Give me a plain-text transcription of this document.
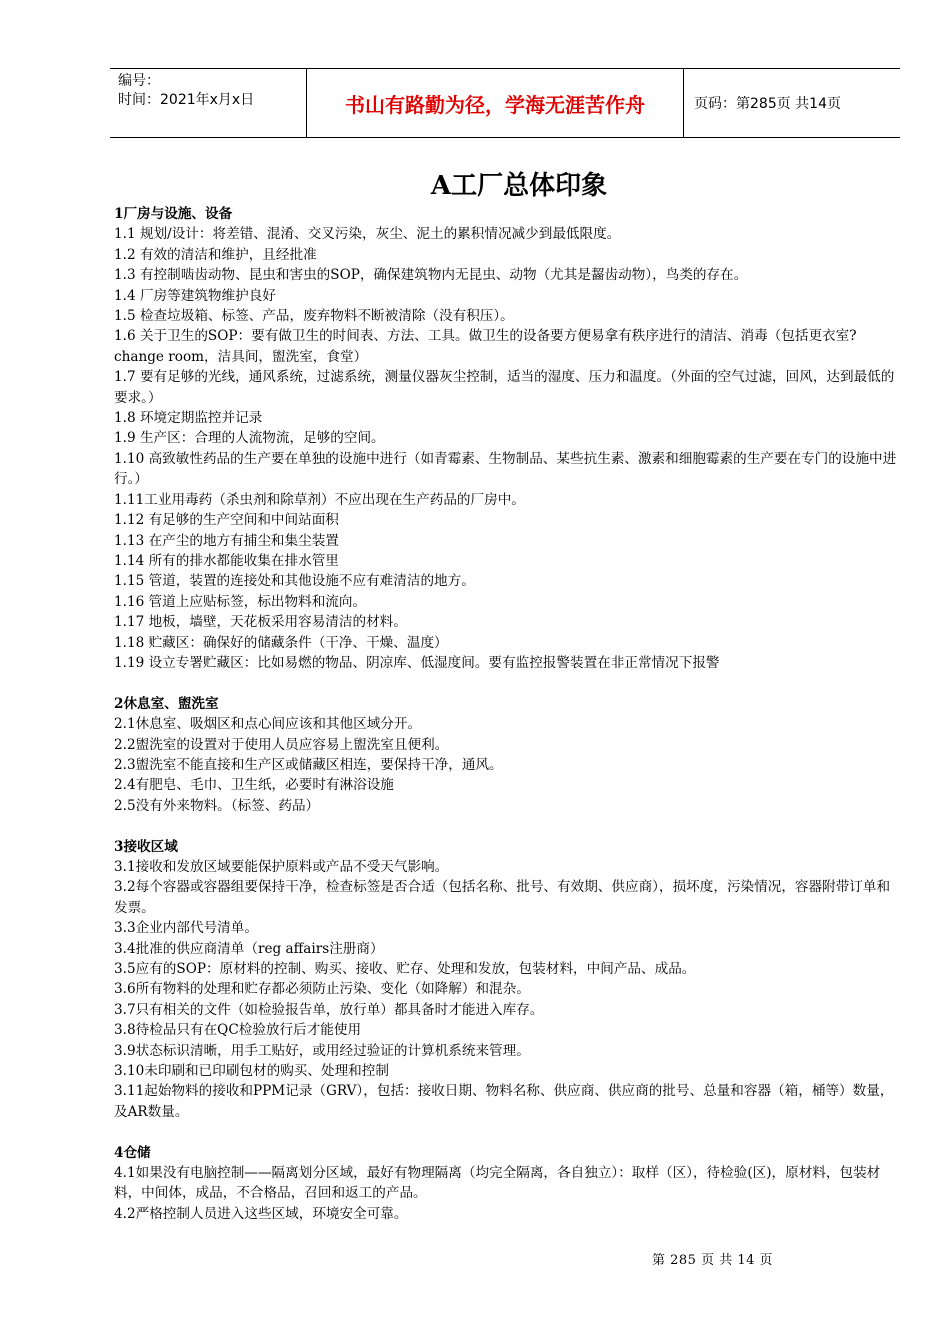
编号：
时间：2021年x月x日	书山有路勤为径，学海无涯苦作舟	页码：第285页 共14页
A工厂总体印象

1厂房与设施、设备

1.1 规划/设计：将差错、混淆、交叉污染，灰尘、泥土的累积情况减少到最低限度。

1.2 有效的清洁和维护，且经批准

1.3 有控制啮齿动物、昆虫和害虫的SOP，确保建筑物内无昆虫、动物（尤其是齧齿动物），鸟类的存在。

1.4 厂房等建筑物维护良好

1.5 检查垃圾箱、标签、产品，废弃物料不断被清除（没有积压）。

1.6 关于卫生的SOP：要有做卫生的时间表、方法、工具。做卫生的设备要方便易拿有秩序进行的清洁、消毒（包括更衣室?change room，洁具间，盥洗室，食堂）

1.7 要有足够的光线，通风系统，过滤系统，测量仪器灰尘控制，适当的湿度、压力和温度。（外面的空气过滤，回风，达到最低的要求。）

1.8 环境定期监控并记录

1.9 生产区：合理的人流物流，足够的空间。

1.10 高致敏性药品的生产要在单独的设施中进行（如青霉素、生物制品、某些抗生素、激素和细胞霉素的生产要在专门的设施中进行。）

1.11工业用毒药（杀虫剂和除草剂）不应出现在生产药品的厂房中。

1.12 有足够的生产空间和中间站面积

1.13 在产尘的地方有捕尘和集尘装置

1.14 所有的排水都能收集在排水管里

1.15 管道，装置的连接处和其他设施不应有难清洁的地方。

1.16 管道上应贴标签，标出物料和流向。

1.17 地板，墙壁，天花板采用容易清洁的材料。

1.18 贮藏区：确保好的储藏条件（干净、干燥、温度）

1.19 设立专署贮藏区：比如易燃的物品、阴凉库、低湿度间。要有监控报警装置在非正常情况下报警

2休息室、盥洗室

2.1休息室、吸烟区和点心间应该和其他区域分开。

2.2盥洗室的设置对于使用人员应容易上盥洗室且便利。

2.3盥洗室不能直接和生产区或储藏区相连，要保持干净，通风。

2.4有肥皂、毛巾、卫生纸，必要时有淋浴设施

2.5没有外来物料。（标签、药品）

3接收区域

3.1接收和发放区域要能保护原料或产品不受天气影响。

3.2每个容器或容器组要保持干净，检查标签是否合适（包括名称、批号、有效期、供应商），损坏度，污染情况，容器附带订单和发票。

3.3企业内部代号清单。

3.4批准的供应商清单（reg affairs注册商）

3.5应有的SOP：原材料的控制、购买、接收、贮存、处理和发放，包装材料，中间产品、成品。

3.6所有物料的处理和贮存都必须防止污染、变化（如降解）和混杂。

3.7只有相关的文件（如检验报告单，放行单）都具备时才能进入库存。

3.8待检品只有在QC检验放行后才能使用

3.9状态标识清晰，用手工贴好，或用经过验证的计算机系统来管理。

3.10未印刷和已印刷包材的购买、处理和控制

3.11起始物料的接收和PPM记录（GRV），包括：接收日期、物料名称、供应商、供应商的批号、总量和容器（箱，桶等）数量，及AR数量。

4仓储

4.1如果没有电脑控制——隔离划分区域，最好有物理隔离（均完全隔离，各自独立）：取样（区），待检验(区)，原材料，包装材料，中间体，成品，不合格品，召回和返工的产品。

4.2严格控制人员进入这些区域，环境安全可靠。

第 285 页 共 14 页
